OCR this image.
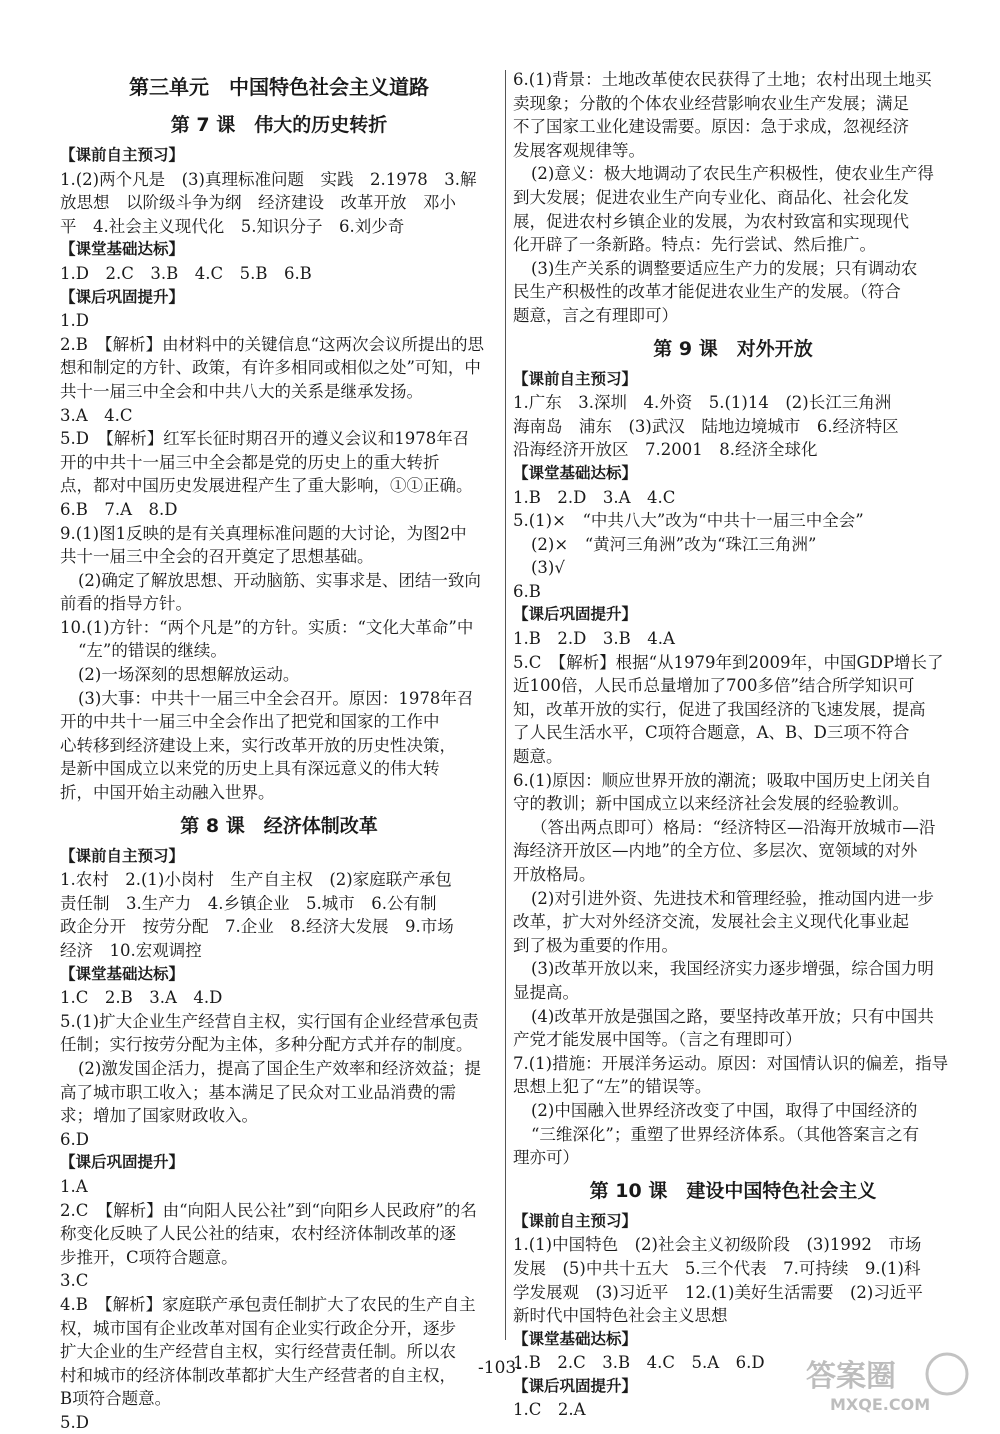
第三单元　中国特色社会主义道路
第 7 课　伟大的历史转折
【课前自主预习】
1.(2)两个凡是　(3)真理标准问题　实践　2.1978　3.解
放思想　以阶级斗争为纲　经济建设　改革开放　邓小
平　4.社会主义现代化　5.知识分子　6.刘少奇
【课堂基础达标】
1.D　2.C　3.B　4.C　5.B　6.B
【课后巩固提升】
1.D
2.B　【解析】由材料中的关键信息“这两次会议所提出的思
想和制定的方针、政策，有许多相同或相似之处”可知，中
共十一届三中全会和中共八大的关系是继承发扬。
3.A　4.C
5.D　【解析】红军长征时期召开的遵义会议和1978年召
开的中共十一届三中全会都是党的历史上的重大转折
点，都对中国历史发展进程产生了重大影响，①①正确。
6.B　7.A　8.D
9.(1)图1反映的是有关真理标准问题的大讨论，为图2中
共十一届三中全会的召开奠定了思想基础。
(2)确定了解放思想、开动脑筋、实事求是、团结一致向
前看的指导方针。
10.(1)方针：“两个凡是”的方针。实质：“文化大革命”中
“左”的错误的继续。
(2)一场深刻的思想解放运动。
(3)大事：中共十一届三中全会召开。原因：1978年召
开的中共十一届三中全会作出了把党和国家的工作中
心转移到经济建设上来，实行改革开放的历史性决策，
是新中国成立以来党的历史上具有深远意义的伟大转
折，中国开始主动融入世界。
第 8 课　经济体制改革
【课前自主预习】
1.农村　2.(1)小岗村　生产自主权　(2)家庭联产承包
责任制　3.生产力　4.乡镇企业　5.城市　6.公有制
政企分开　按劳分配　7.企业　8.经济大发展　9.市场
经济　10.宏观调控
【课堂基础达标】
1.C　2.B　3.A　4.D
5.(1)扩大企业生产经营自主权，实行国有企业经营承包责
任制；实行按劳分配为主体，多种分配方式并存的制度。
(2)激发国企活力，提高了国企生产效率和经济效益；提
高了城市职工收入；基本满足了民众对工业品消费的需
求；增加了国家财政收入。
6.D
【课后巩固提升】
1.A
2.C　【解析】由“向阳人民公社”到“向阳乡人民政府”的名
称变化反映了人民公社的结束，农村经济体制改革的逐
步推开，C项符合题意。
3.C
4.B　【解析】家庭联产承包责任制扩大了农民的生产自主
权，城市国有企业改革对国有企业实行政企分开，逐步
扩大企业的生产经营自主权，实行经营责任制。所以农
村和城市的经济体制改革都扩大生产经营者的自主权，
B项符合题意。
5.D
6.(1)背景：土地改革使农民获得了土地；农村出现土地买
卖现象；分散的个体农业经营影响农业生产发展；满足
不了国家工业化建设需要。原因：急于求成，忽视经济
发展客观规律等。
(2)意义：极大地调动了农民生产积极性，使农业生产得
到大发展；促进农业生产向专业化、商品化、社会化发
展，促进农村乡镇企业的发展，为农村致富和实现现代
化开辟了一条新路。特点：先行尝试、然后推广。
(3)生产关系的调整要适应生产力的发展；只有调动农
民生产积极性的改革才能促进农业生产的发展。（符合
题意，言之有理即可）
第 9 课　对外开放
【课前自主预习】
1.广东　3.深圳　4.外资　5.(1)14　(2)长江三角洲
海南岛　浦东　(3)武汉　陆地边境城市　6.经济特区
沿海经济开放区　7.2001　8.经济全球化
【课堂基础达标】
1.B　2.D　3.A　4.C
5.(1)×　“中共八大”改为“中共十一届三中全会”
(2)×　“黄河三角洲”改为“珠江三角洲”
(3)√
6.B
【课后巩固提升】
1.B　2.D　3.B　4.A
5.C　【解析】根据“从1979年到2009年，中国GDP增长了
近100倍，人民币总量增加了700多倍”结合所学知识可
知，改革开放的实行，促进了我国经济的飞速发展，提高
了人民生活水平，C项符合题意，A、B、D三项不符合
题意。
6.(1)原因：顺应世界开放的潮流；吸取中国历史上闭关自
守的教训；新中国成立以来经济社会发展的经验教训。
（答出两点即可）格局：“经济特区—沿海开放城市—沿
海经济开放区—内地”的全方位、多层次、宽领域的对外
开放格局。
(2)对引进外资、先进技术和管理经验，推动国内进一步
改革，扩大对外经济交流，发展社会主义现代化事业起
到了极为重要的作用。
(3)改革开放以来，我国经济实力逐步增强，综合国力明
显提高。
(4)改革开放是强国之路，要坚持改革开放；只有中国共
产党才能发展中国等。（言之有理即可）
7.(1)措施：开展洋务运动。原因：对国情认识的偏差，指导
思想上犯了“左”的错误等。
(2)中国融入世界经济改变了中国，取得了中国经济的
“三维深化”；重塑了世界经济体系。（其他答案言之有
理亦可）
第 10 课　建设中国特色社会主义
【课前自主预习】
1.(1)中国特色　(2)社会主义初级阶段　(3)1992　市场
发展　(5)中共十五大　5.三个代表　7.可持续　9.(1)科
学发展观　(3)习近平　12.(1)美好生活需要　(2)习近平
新时代中国特色社会主义思想
【课堂基础达标】
1.B　2.C　3.B　4.C　5.A　6.D
【课后巩固提升】
1.C　2.A
-103-	答案圈
MXQE.COM
